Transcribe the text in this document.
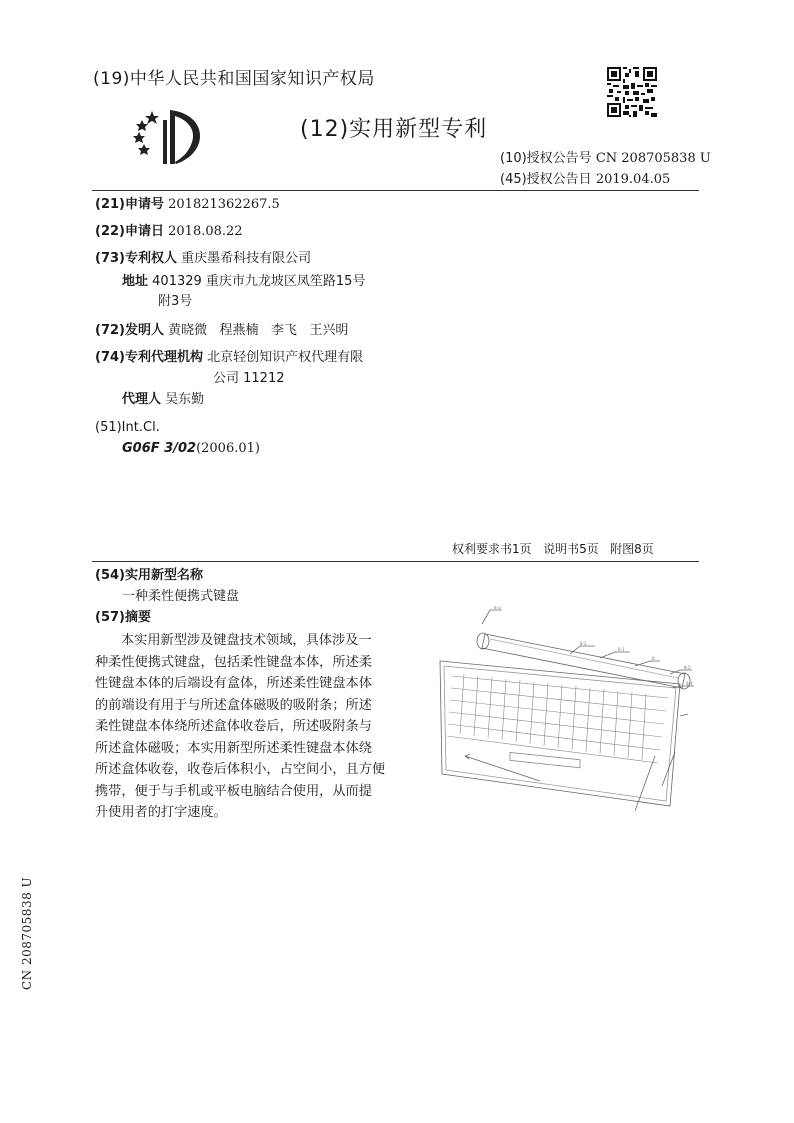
(19)中华人民共和国国家知识产权局
(12)实用新型专利
(10)授权公告号 CN 208705838 U
(45)授权公告日 2019.04.05
(21)申请号 201821362267.5
(22)申请日 2018.08.22
(73)专利权人 重庆墨希科技有限公司
地址 401329 重庆市九龙坡区凤笙路15号
附3号
(72)发明人 黄晓微   程燕楠   李飞   王兴明
(74)专利代理机构 北京轻创知识产权代理有限
公司 11212
代理人 吴东勤
(51)Int.Cl.
G06F 3/02(2006.01)
权利要求书1页   说明书5页   附图8页
(54)实用新型名称
一种柔性便携式键盘
(57)摘要

本实用新型涉及键盘技术领域，具体涉及一

种柔性便携式键盘，包括柔性键盘本体，所述柔

性键盘本体的后端设有盒体，所述柔性键盘本体

的前端设有用于与所述盒体磁吸的吸附条；所述

柔性键盘本体绕所述盒体收卷后，所述吸附条与

所述盒体磁吸；本实用新型所述柔性键盘本体绕

所述盒体收卷，收卷后体积小，占空间小，且方便

携带，便于与手机或平板电脑结合使用，从而提

升使用者的打字速度。

8-3
8-2
8-1
8
8-5
8-4
CN 208705838 U
